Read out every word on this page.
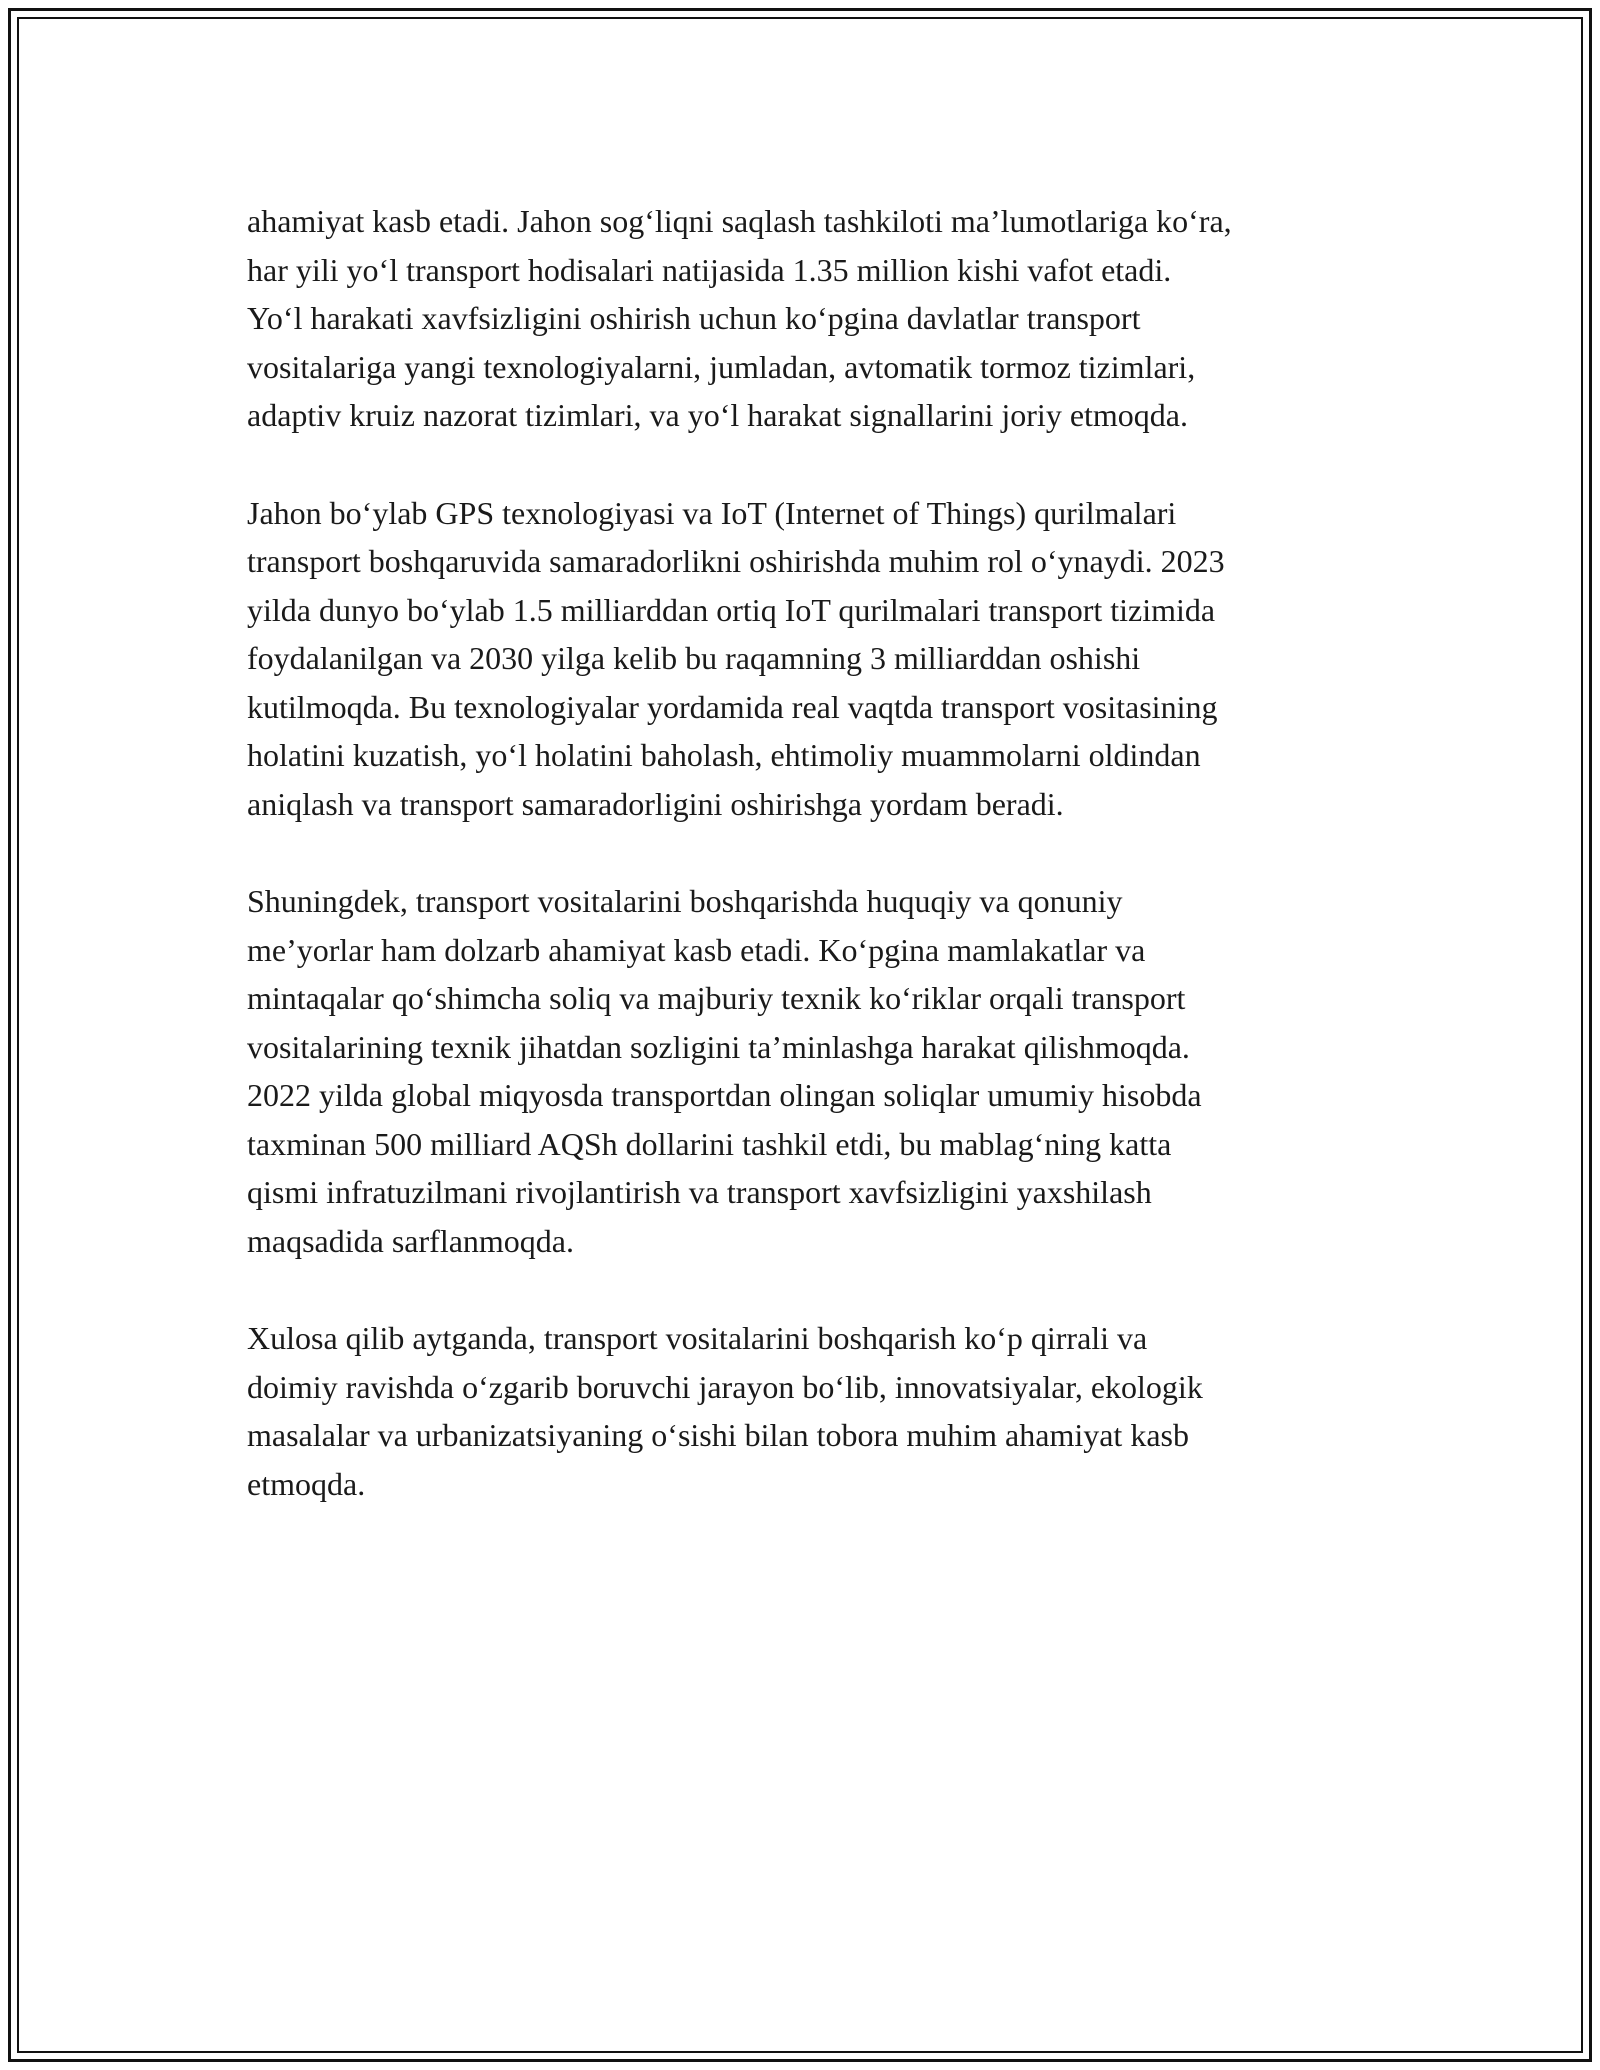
ahamiyat kasb etadi. Jahon sog‘liqni saqlash tashkiloti ma’lumotlariga ko‘ra,
har yili yo‘l transport hodisalari natijasida 1.35 million kishi vafot etadi.
Yo‘l harakati xavfsizligini oshirish uchun ko‘pgina davlatlar transport
vositalariga yangi texnologiyalarni, jumladan, avtomatik tormoz tizimlari,
adaptiv kruiz nazorat tizimlari, va yo‘l harakat signallarini joriy etmoqda.

Jahon bo‘ylab GPS texnologiyasi va IoT (Internet of Things) qurilmalari
transport boshqaruvida samaradorlikni oshirishda muhim rol o‘ynaydi. 2023
yilda dunyo bo‘ylab 1.5 milliarddan ortiq IoT qurilmalari transport tizimida
foydalanilgan va 2030 yilga kelib bu raqamning 3 milliarddan oshishi
kutilmoqda. Bu texnologiyalar yordamida real vaqtda transport vositasining
holatini kuzatish, yo‘l holatini baholash, ehtimoliy muammolarni oldindan
aniqlash va transport samaradorligini oshirishga yordam beradi.

Shuningdek, transport vositalarini boshqarishda huquqiy va qonuniy
me’yorlar ham dolzarb ahamiyat kasb etadi. Ko‘pgina mamlakatlar va
mintaqalar qo‘shimcha soliq va majburiy texnik ko‘riklar orqali transport
vositalarining texnik jihatdan sozligini ta’minlashga harakat qilishmoqda.
2022 yilda global miqyosda transportdan olingan soliqlar umumiy hisobda
taxminan 500 milliard AQSh dollarini tashkil etdi, bu mablag‘ning katta
qismi infratuzilmani rivojlantirish va transport xavfsizligini yaxshilash
maqsadida sarflanmoqda.

Xulosa qilib aytganda, transport vositalarini boshqarish ko‘p qirrali va
doimiy ravishda o‘zgarib boruvchi jarayon bo‘lib, innovatsiyalar, ekologik
masalalar va urbanizatsiyaning o‘sishi bilan tobora muhim ahamiyat kasb
etmoqda.
